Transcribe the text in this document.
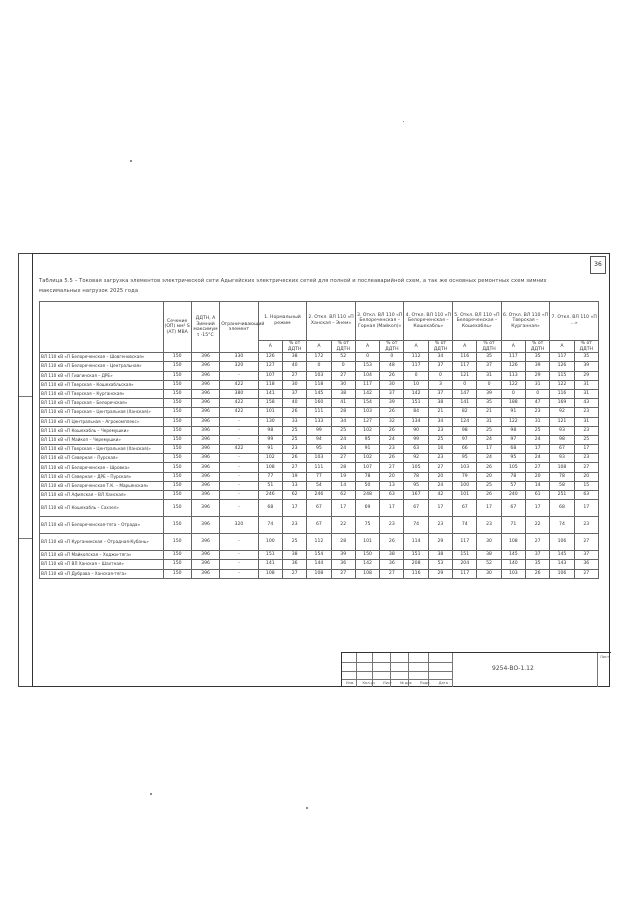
36
Таблица 5.5 – Токовая загрузка элементов электрической сети Адыгейских электрических сетей для полной и послеаварийной схем, а так же основных ремонтных схем зимних
максимальных нагрузок 2025 года
	Сечение (ОП) мм² S (АТ) МВА	ДДТН, А Зимний максимум t -15°C	Ограничивающий элемент	1. Нормальный режим		2. Откл. ВЛ 110 «П Ханская – Энем»		3. Откл. ВЛ 110 «П Белореченская – Горная (Майкоп)»		4. Откл. ВЛ 110 «П Белореченская – Кошехабль»		5. Откл. ВЛ 110 «П Белореченская – Кошехабль»		6. Откл. ВЛ 110 «П Тверская – Курганная»		7. Откл. ВЛ 110 «П ...»	
				А	% от ДДТН	А	% от ДДТН	А	% от ДДТН	А	% от ДДТН	А	% от ДДТН	А	% от ДДТН	А	% от ДДТН
ВЛ 110 кВ «П Белореченская – Шовгеновская»	150	396	330	126	38	172	52	0	0	112	34	116	35	117	35	117	35
ВЛ 110 кВ «П Белореченская – Центральная»	150	396	320	127	40	0	0	153	48	117	37	117	37	126	39	126	39
ВЛ 110 кВ «П Гиагинская – ДРЕ»	150	396	-	107	27	103	27	104	26	0	0	121	31	113	29	115	29
ВЛ 110 кВ «П Тверская – Кошехабльская»	150	396	422	118	30	118	30	117	30	10	3	0	0	122	31	122	31
ВЛ 110 кВ «П Тверская – Курганская»	150	396	380	141	37	145	38	142	37	142	37	147	39	0	0	116	31
ВЛ 110 кВ «П Тверская – Белоречская»	150	396	422	158	40	160	41	154	39	151	38	141	35	188	47	169	43
ВЛ 110 кВ «П Тверская – Центральная (Ханская)»	150	396	422	101	26	111	28	103	26	84	21	82	21	91	23	92	23
ВЛ 110 кВ «П Центральная – Агрокомплекс»	150	396	-	130	33	133	34	127	32	134	34	124	31	122	31	121	31
ВЛ 110 кВ «П Кошехабль – Черемушки»	150	396	-	98	25	99	25	102	26	90	23	98	25	98	25	93	23
ВЛ 110 кВ «П Майкоп – Черемушки»	150	396	-	99	25	94	24	95	24	99	25	97	24	97	24	98	25
ВЛ 110 кВ «П Тверская – Центральная (Ханская)»	150	396	422	91	23	95	24	91	23	63	16	66	17	68	17	67	17
ВЛ 110 кВ «П Северная – Пурская»	150	396	-	102	26	103	27	102	26	92	23	95	24	95	24	93	23
ВЛ 110 кВ «П Белореченская – Шровка»	150	396	-	108	27	111	28	107	27	105	27	103	26	105	27	108	27
ВЛ 110 кВ «П Северная – ДРЕ – Пурская»	150	396	-	77	19	77	19	78	20	78	20	79	20	78	20	78	20
ВЛ 110 кВ «П Белореченская Т.К. – Марьянская»	150	396	-	51	13	54	14	50	13	95	24	100	25	57	14	58	15
ВЛ 110 кВ «П Афипская – ВЛ Ханская»	150	396	-	246	62	246	62	248	63	167	42	101	26	240	61	251	63
ВЛ 110 кВ «П Кошехабль – Сахзел»	150	396	-	68	17	67	17	69	17	67	17	67	17	67	17	68	17
ВЛ 110 кВ «П Белореченская-тяга – Отрада»	150	396	320	74	23	67	22	75	23	74	23	74	23	71	22	74	23
ВЛ 110 кВ «П Курганинская – Отрадная-Кубань»	150	396	-	100	25	112	28	101	26	114	29	117	30	108	27	106	27
ВЛ 110 кВ «П Майкопская – Ходжи-тяга»	150	396	-	151	38	154	39	150	38	151	38	151	38	145	37	145	37
ВЛ 110 кВ «П ВЛ Ханская – Шахтная»	150	396	-	141	36	144	36	142	36	208	53	204	52	140	35	143	36
ВЛ 110 кВ «П Дубрава – Ханская-тяга»	150	396	-	108	27	108	27	108	27	116	29	117	30	103	26	106	27
Изм. Кол.уч Лист № док Подп. Дата
9254-ВО-1.12
Лист
